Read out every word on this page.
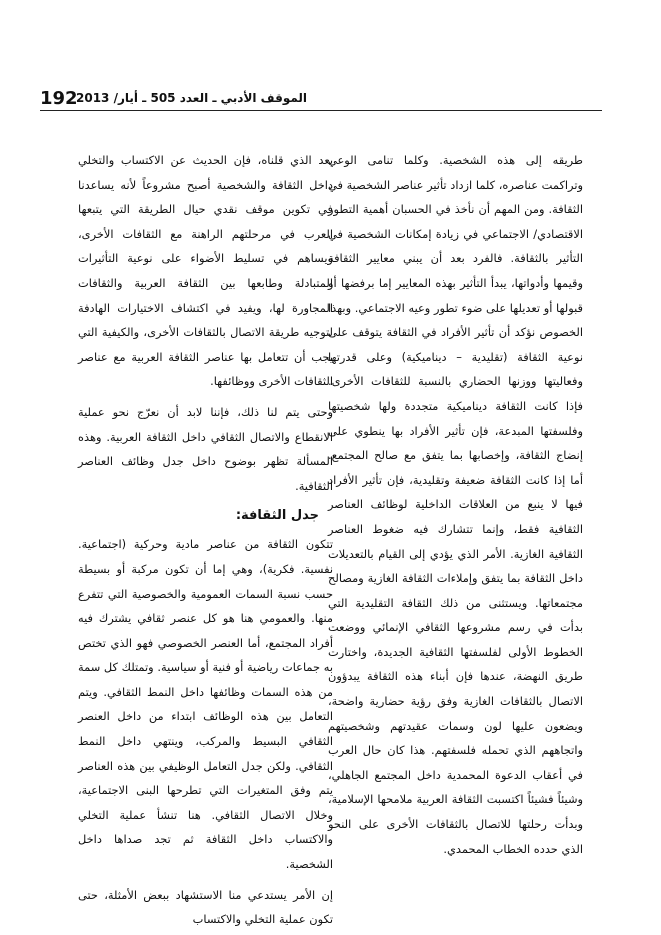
192
الموقف الأدبي ـ العدد 505 ـ أيار/ 2013

طريقه إلى هذه الشخصية. وكلما تنامى الوعي وتراكمت عناصره، كلما ازداد تأثير عناصر الشخصية في الثقافة. ومن المهم أن نأخذ في الحسبان أهمية التطور الاقتصادي/ الاجتماعي في زيادة إمكانات الشخصية في التأثير بالثقافة. فالفرد بعد أن يبني معايير الثقافة وقيمها وأدواتها، يبدأ التأثير بهذه المعايير إما برفضها أو قبولها أو تعديلها على ضوء تطور وعيه الاجتماعي. وبهذا الخصوص نؤكد أن تأثير الأفراد في الثقافة يتوقف على نوعية الثقافة (تقليدية – ديناميكية) وعلى قدرتها وفعاليتها ووزنها الحضاري بالنسبة للثقافات الأخرى. فإذا كانت الثقافة ديناميكية متجددة ولها شخصيتها وفلسفتها المبدعة، فإن تأثير الأفراد بها ينطوي على إنضاج الثقافة، وإخصابها بما يتفق مع صالح المجتمع. أما إذا كانت الثقافة ضعيفة وتقليدية، فإن تأثير الأفراد فيها لا ينبع من العلاقات الداخلية لوظائف العناصر الثقافية فقط، وإنما تتشارك فيه ضغوط العناصر الثقافية الغازية. الأمر الذي يؤدي إلى القيام بالتعديلات داخل الثقافة بما يتفق وإملاءات الثقافة الغازية ومصالح مجتمعاتها. ويستثنى من ذلك الثقافة التقليدية التي بدأت في رسم مشروعها الثقافي الإنمائي ووضعت الخطوط الأولى لفلسفتها الثقافية الجديدة، واختارت طريق النهضة، عندها فإن أبناء هذه الثقافة يبدؤون الاتصال بالثقافات الغازية وفق رؤية حضارية واضحة، ويضعون عليها لون وسمات عقيدتهم وشخصيتهم واتجاههم الذي تحمله فلسفتهم. هذا كان حال العرب في أعقاب الدعوة المحمدية داخل المجتمع الجاهلي، وشيئاً فشيئاً اكتسبت الثقافة العربية ملامحها الإسلامية، وبدأت رحلتها للاتصال بالثقافات الأخرى على النحو الذي حدده الخطاب المحمدي.

بعد الذي قلناه، فإن الحديث عن الاكتساب والتخلي داخل الثقافة والشخصية أصبح مشروعاً لأنه يساعدنا في تكوين موقف نقدي حيال الطريقة التي يتبعها العرب في مرحلتهم الراهنة مع الثقافات الأخرى، ويساهم في تسليط الأضواء على نوعية التأثيرات المتبادلة وطابعها بين الثقافة العربية والثقافات المجاورة لها، ويفيد في اكتشاف الاختيارات الهادفة لتوجيه طريقة الاتصال بالثقافات الأخرى، والكيفية التي يجب أن تتعامل بها عناصر الثقافة العربية مع عناصر الثقافات الأخرى ووظائفها.

وحتى يتم لنا ذلك، فإننا لابد أن نعرّج نحو عملية الانقطاع والاتصال الثقافي داخل الثقافة العربية. وهذه المسألة تظهر بوضوح داخل جدل وظائف العناصر الثقافية.

جدل الثقافة:

تتكون الثقافة من عناصر مادية وحركية (اجتماعية. نفسية. فكرية)، وهي إما أن تكون مركبة أو بسيطة حسب نسبة السمات العمومية والخصوصية التي تتفرع منها. والعمومي هنا هو كل عنصر ثقافي يشترك فيه أفراد المجتمع، أما العنصر الخصوصي فهو الذي تختص به جماعات رياضية أو فنية أو سياسية. وتمتلك كل سمة من هذه السمات وظائفها داخل النمط الثقافي. ويتم التعامل بين هذه الوظائف ابتداء من داخل العنصر الثقافي البسيط والمركب، وينتهي داخل النمط الثقافي. ولكن جدل التعامل الوظيفي بين هذه العناصر يتم وفق المتغيرات التي تطرحها البنى الاجتماعية، وخلال الاتصال الثقافي. هنا تنشأ عملية التخلي والاكتساب داخل الثقافة ثم تجد صداها داخل الشخصية.

إن الأمر يستدعي منا الاستشهاد ببعض الأمثلة، حتى تكون عملية التخلي والاكتساب
